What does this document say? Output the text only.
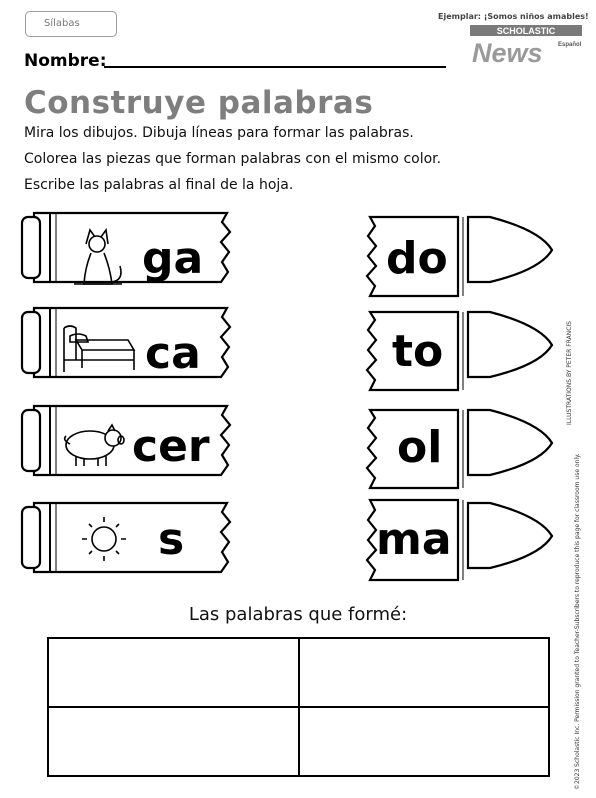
Sílabas
Ejemplar: ¡Somos niños amables!
SCHOLASTIC
News	Español
Nombre:
Construye palabras
Mira los dibujos. Dibuja líneas para formar las palabras.
Colorea las piezas que forman palabras con el mismo color.
Escribe las palabras al final de la hoja.
ga
ca
cer
s
do
to
ol
ma
Las palabras que formé:
ILLUSTRATIONS BY PETER FRANCIS
©2023 Scholastic Inc. Permission granted to Teacher-Subscribers to reproduce this page for classroom use only.
